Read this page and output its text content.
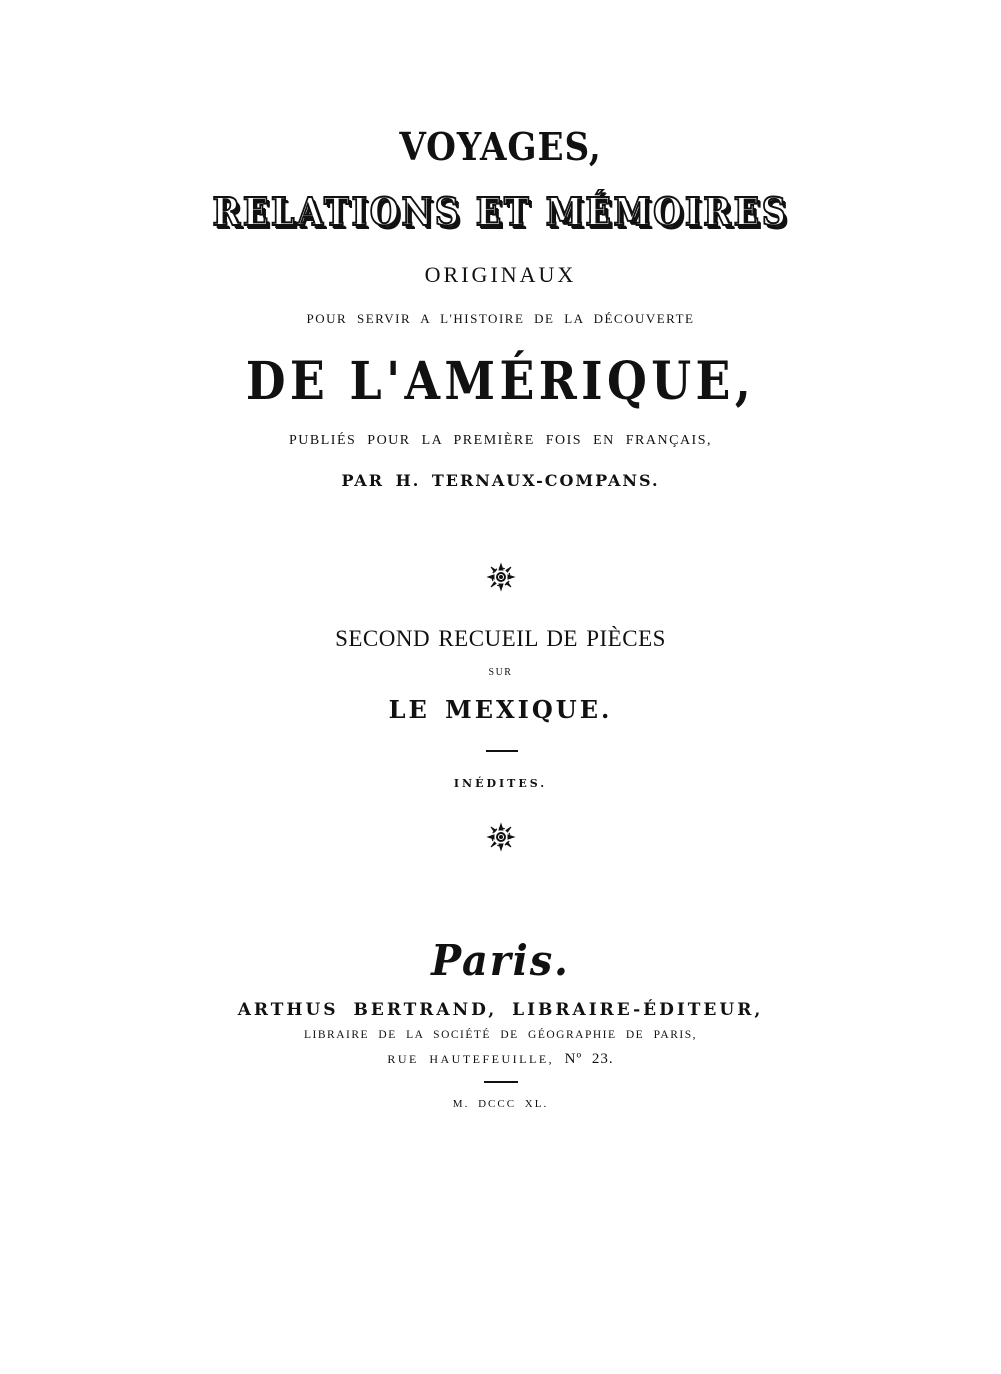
VOYAGES,
RELATIONS ET MÉMOIRES
ORIGINAUX
POUR SERVIR A L'HISTOIRE DE LA DÉCOUVERTE
DE L'AMÉRIQUE,
PUBLIÉS POUR LA PREMIÈRE FOIS EN FRANÇAIS,
PAR H. TERNAUX-COMPANS.
SECOND RECUEIL DE PIÈCES
SUR
LE MEXIQUE.
INÉDITES.
Paris.
ARTHUS BERTRAND, LIBRAIRE-ÉDITEUR,
LIBRAIRE DE LA SOCIÉTÉ DE GÉOGRAPHIE DE PARIS,
RUE HAUTEFEUILLE, Nº 23.
M. DCCC XL.
